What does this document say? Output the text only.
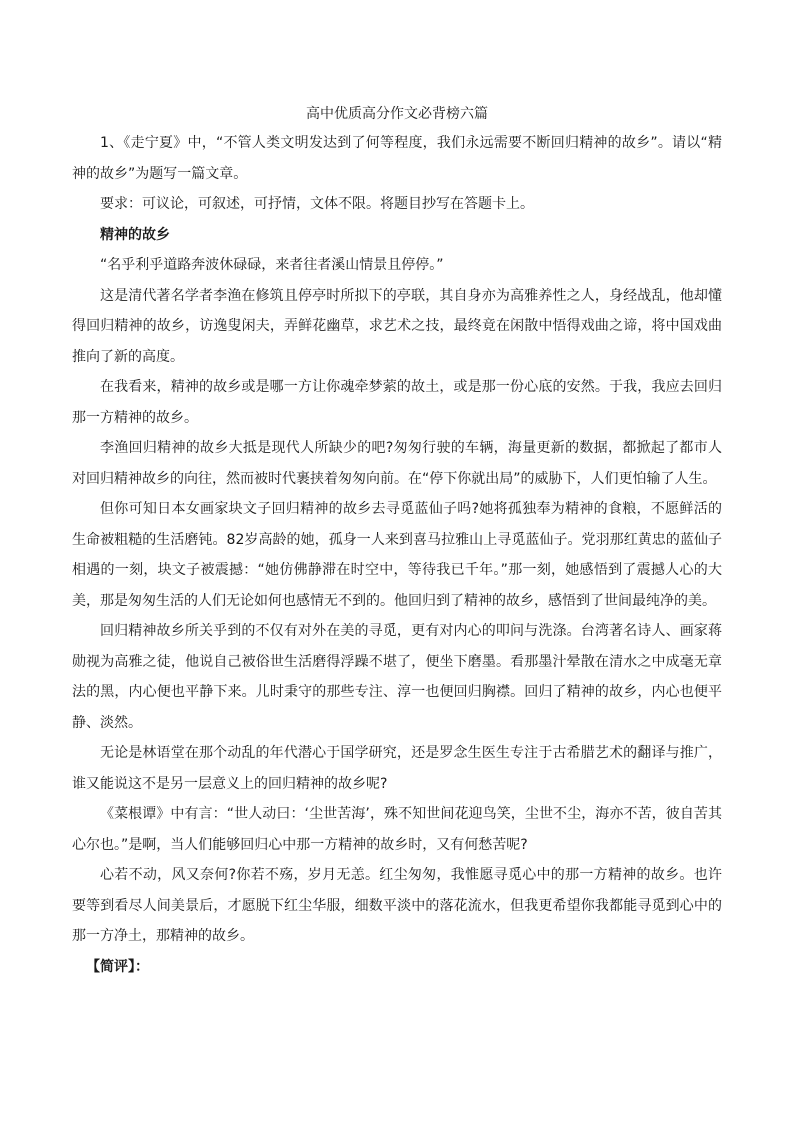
高中优质高分作文必背榜六篇

1、《走宁夏》中，“不管人类文明发达到了何等程度，我们永远需要不断回归精神的故乡”。请以“精神的故乡”为题写一篇文章。

要求：可议论，可叙述，可抒情，文体不限。将题目抄写在答题卡上。

精神的故乡

“名乎利乎道路奔波休碌碌，来者往者溪山情景且停停。”

这是清代著名学者李渔在修筑且停亭时所拟下的亭联，其自身亦为高雅养性之人，身经战乱，他却懂得回归精神的故乡，访逸叟闲夫，弄鲜花幽草，求艺术之技，最终竟在闲散中悟得戏曲之谛，将中国戏曲推向了新的高度。

在我看来，精神的故乡或是哪一方让你魂牵梦萦的故土，或是那一份心底的安然。于我，我应去回归那一方精神的故乡。

李渔回归精神的故乡大抵是现代人所缺少的吧?匆匆行驶的车辆，海量更新的数据，都掀起了都市人对回归精神故乡的向往，然而被时代裹挟着匆匆向前。在“停下你就出局”的威胁下，人们更怕输了人生。

但你可知日本女画家块文子回归精神的故乡去寻觅蓝仙子吗?她将孤独奉为精神的食粮，不愿鲜活的生命被粗糙的生活磨钝。82岁高龄的她，孤身一人来到喜马拉雅山上寻觅蓝仙子。党羽那红黄忠的蓝仙子相遇的一刻，块文子被震撼：“她仿佛静滞在时空中，等待我已千年。”那一刻，她感悟到了震撼人心的大美，那是匆匆生活的人们无论如何也感情无不到的。他回归到了精神的故乡，感悟到了世间最纯净的美。

回归精神故乡所关乎到的不仅有对外在美的寻觅，更有对内心的叩问与洗涤。台湾著名诗人、画家蒋勋视为高雅之徒，他说自己被俗世生活磨得浮躁不堪了，便坐下磨墨。看那墨汁晕散在清水之中成毫无章法的黑，内心便也平静下来。儿时秉守的那些专注、淳一也便回归胸襟。回归了精神的故乡，内心也便平静、淡然。

无论是林语堂在那个动乱的年代潜心于国学研究，还是罗念生医生专注于古希腊艺术的翻译与推广，谁又能说这不是另一层意义上的回归精神的故乡呢?

《菜根谭》中有言：“世人动曰：‘尘世苦海’，殊不知世间花迎鸟笑，尘世不尘，海亦不苦，彼自苦其心尔也。”是啊，当人们能够回归心中那一方精神的故乡时，又有何愁苦呢?

心若不动，风又奈何?你若不殇，岁月无恙。红尘匆匆，我惟愿寻觅心中的那一方精神的故乡。也许要等到看尽人间美景后，才愿脱下红尘华服，细数平淡中的落花流水，但我更希望你我都能寻觅到心中的那一方净土，那精神的故乡。

【简评】：
